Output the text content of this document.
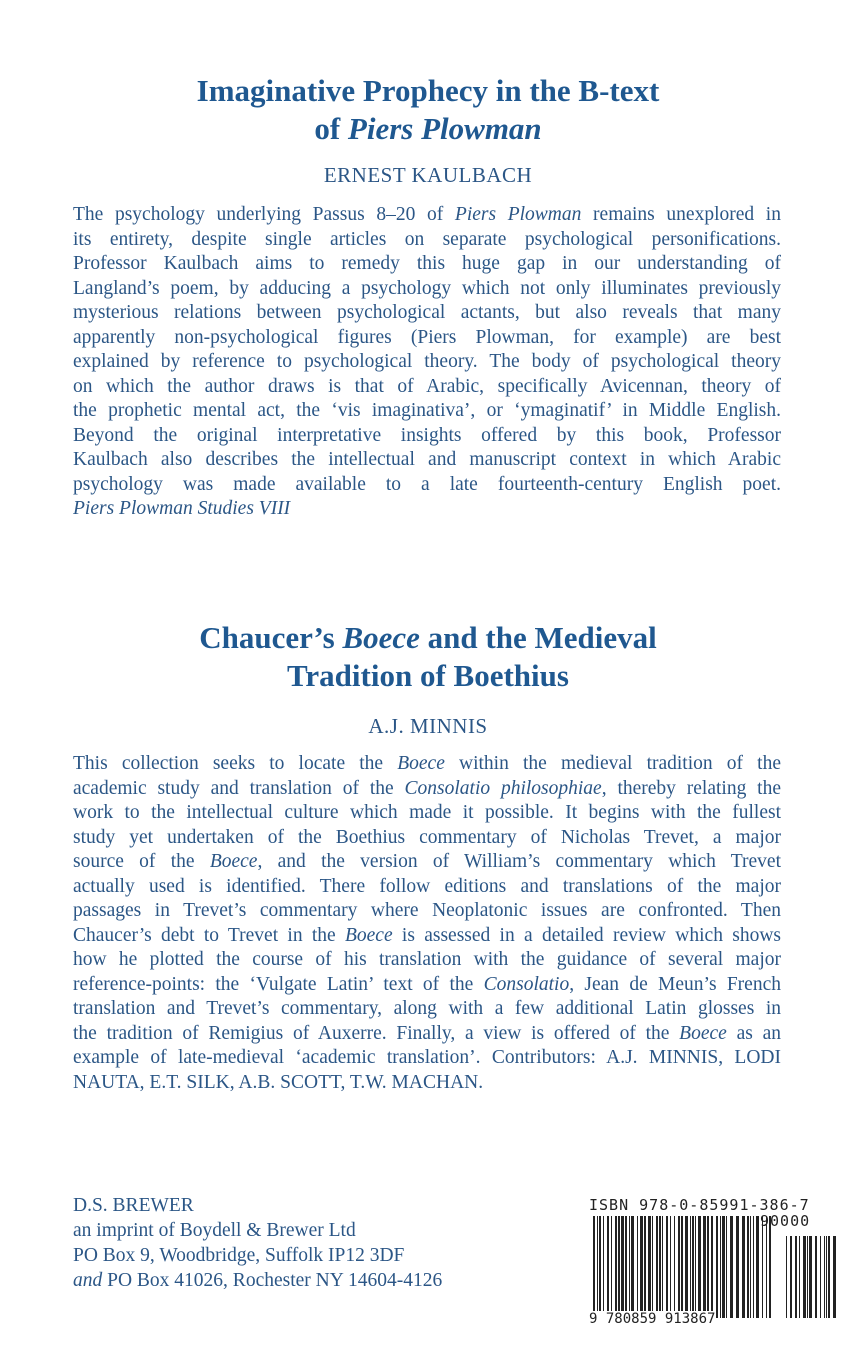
Imaginative Prophecy in the B-text
of Piers Plowman
ERNEST KAULBACH
The psychology underlying Passus 8–20 of Piers Plowman remains unexplored in
its entirety, despite single articles on separate psychological personifications.
Professor Kaulbach aims to remedy this huge gap in our understanding of
Langland’s poem, by adducing a psychology which not only illuminates previously
mysterious relations between psychological actants, but also reveals that many
apparently non-psychological figures (Piers Plowman, for example) are best
explained by reference to psychological theory. The body of psychological theory
on which the author draws is that of Arabic, specifically Avicennan, theory of
the prophetic mental act, the ‘vis imaginativa’, or ‘ymaginatif’ in Middle English.
Beyond the original interpretative insights offered by this book, Professor
Kaulbach also describes the intellectual and manuscript context in which Arabic
psychology was made available to a late fourteenth-century English poet.
Piers Plowman Studies VIII
Chaucer’s Boece and the Medieval
Tradition of Boethius
A.J. MINNIS
This collection seeks to locate the Boece within the medieval tradition of the
academic study and translation of the Consolatio philosophiae, thereby relating the
work to the intellectual culture which made it possible. It begins with the fullest
study yet undertaken of the Boethius commentary of Nicholas Trevet, a major
source of the Boece, and the version of William’s commentary which Trevet
actually used is identified. There follow editions and translations of the major
passages in Trevet’s commentary where Neoplatonic issues are confronted. Then
Chaucer’s debt to Trevet in the Boece is assessed in a detailed review which shows
how he plotted the course of his translation with the guidance of several major
reference-points: the ‘Vulgate Latin’ text of the Consolatio, Jean de Meun’s French
translation and Trevet’s commentary, along with a few additional Latin glosses in
the tradition of Remigius of Auxerre. Finally, a view is offered of the Boece as an
example of late-medieval ‘academic translation’. Contributors: A.J. MINNIS, LODI
NAUTA, E.T. SILK, A.B. SCOTT, T.W. MACHAN.
D.S. BREWER
an imprint of Boydell & Brewer Ltd
PO Box 9, Woodbridge, Suffolk IP12 3DF
and PO Box 41026, Rochester NY 14604-4126
ISBN 978-0-85991-386-7
90000
9 780859 913867
